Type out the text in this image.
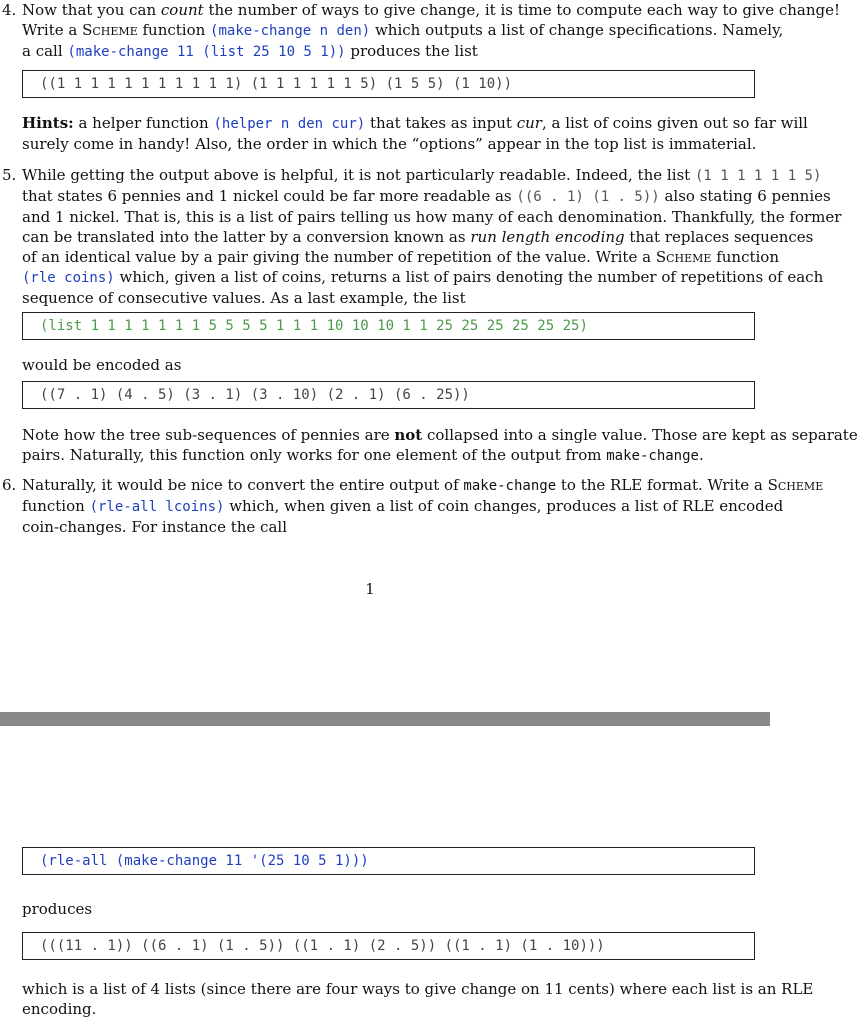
4. Now that you can count the number of ways to give change, it is time to compute each way to give change!
Write a Scheme function (make-change n den) which outputs a list of change specifications. Namely,
a call (make-change 11 (list 25 10 5 1)) produces the list
((1 1 1 1 1 1 1 1 1 1 1) (1 1 1 1 1 1 5) (1 5 5) (1 10))
Hints: a helper function (helper n den cur) that takes as input cur, a list of coins given out so far will
surely come in handy! Also, the order in which the “options” appear in the top list is immaterial.
5. While getting the output above is helpful, it is not particularly readable. Indeed, the list (1 1 1 1 1 1 5)
that states 6 pennies and 1 nickel could be far more readable as ((6 . 1) (1 . 5)) also stating 6 pennies
and 1 nickel. That is, this is a list of pairs telling us how many of each denomination. Thankfully, the former
can be translated into the latter by a conversion known as run length encoding that replaces sequences
of an identical value by a pair giving the number of repetition of the value. Write a Scheme function
(rle coins) which, given a list of coins, returns a list of pairs denoting the number of repetitions of each
sequence of consecutive values. As a last example, the list
(list 1 1 1 1 1 1 1 5 5 5 5 1 1 1 10 10 10 1 1 25 25 25 25 25 25)
would be encoded as
((7 . 1) (4 . 5) (3 . 1) (3 . 10) (2 . 1) (6 . 25))
Note how the tree sub-sequences of pennies are not collapsed into a single value. Those are kept as separate
pairs. Naturally, this function only works for one element of the output from make-change.
6. Naturally, it would be nice to convert the entire output of make-change to the RLE format. Write a Scheme
function (rle-all lcoins) which, when given a list of coin changes, produces a list of RLE encoded
coin-changes. For instance the call
1
(rle-all (make-change 11 '(25 10 5 1)))
produces
(((11 . 1)) ((6 . 1) (1 . 5)) ((1 . 1) (2 . 5)) ((1 . 1) (1 . 10)))
which is a list of 4 lists (since there are four ways to give change on 11 cents) where each list is an RLE
encoding.
